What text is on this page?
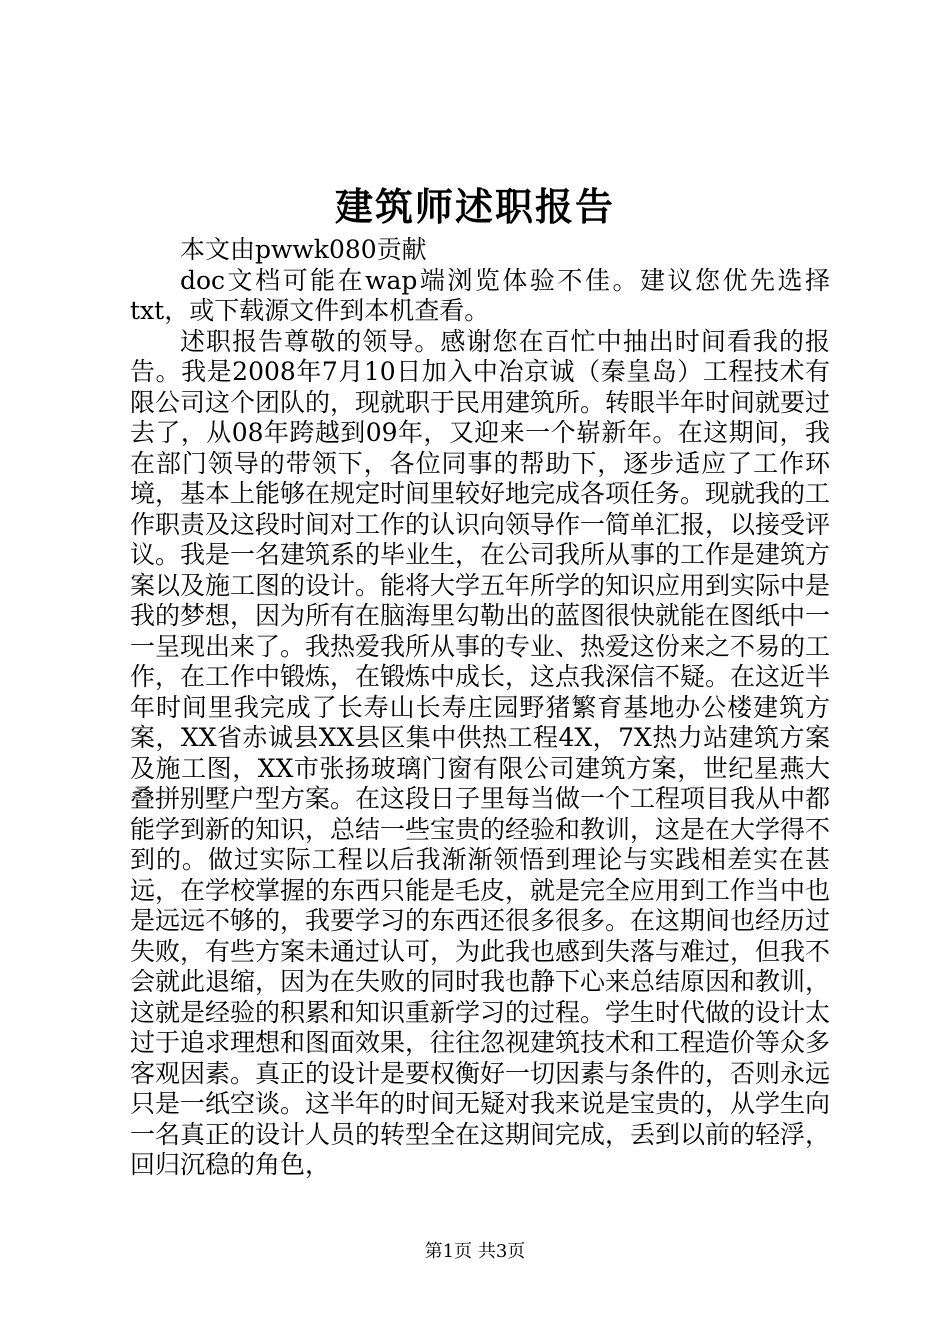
建筑师述职报告

本文由pwwk080贡献

doc文档可能在wap端浏览体验不佳。建议您优先选择txt，或下载源文件到本机查看。

述职报告尊敬的领导。感谢您在百忙中抽出时间看我的报告。我是2008年7月10日加入中冶京诚（秦皇岛）工程技术有限公司这个团队的，现就职于民用建筑所。转眼半年时间就要过去了，从08年跨越到09年，又迎来一个崭新年。在这期间，我在部门领导的带领下，各位同事的帮助下，逐步适应了工作环境，基本上能够在规定时间里较好地完成各项任务。现就我的工作职责及这段时间对工作的认识向领导作一简单汇报，以接受评议。我是一名建筑系的毕业生，在公司我所从事的工作是建筑方案以及施工图的设计。能将大学五年所学的知识应用到实际中是我的梦想，因为所有在脑海里勾勒出的蓝图很快就能在图纸中一一呈现出来了。我热爱我所从事的专业、热爱这份来之不易的工作，在工作中锻炼，在锻炼中成长，这点我深信不疑。在这近半年时间里我完成了长寿山长寿庄园野猪繁育基地办公楼建筑方案，XX省赤诚县XX县区集中供热工程4X，7X热力站建筑方案及施工图，XX市张扬玻璃门窗有限公司建筑方案，世纪星燕大叠拼别墅户型方案。在这段日子里每当做一个工程项目我从中都能学到新的知识，总结一些宝贵的经验和教训，这是在大学得不到的。做过实际工程以后我渐渐领悟到理论与实践相差实在甚远，在学校掌握的东西只能是毛皮，就是完全应用到工作当中也是远远不够的，我要学习的东西还很多很多。在这期间也经历过失败，有些方案未通过认可，为此我也感到失落与难过，但我不会就此退缩，因为在失败的同时我也静下心来总结原因和教训，这就是经验的积累和知识重新学习的过程。学生时代做的设计太过于追求理想和图面效果，往往忽视建筑技术和工程造价等众多客观因素。真正的设计是要权衡好一切因素与条件的，否则永远只是一纸空谈。这半年的时间无疑对我来说是宝贵的，从学生向一名真正的设计人员的转型全在这期间完成，丢到以前的轻浮，回归沉稳的角色，

第1页 共3页
